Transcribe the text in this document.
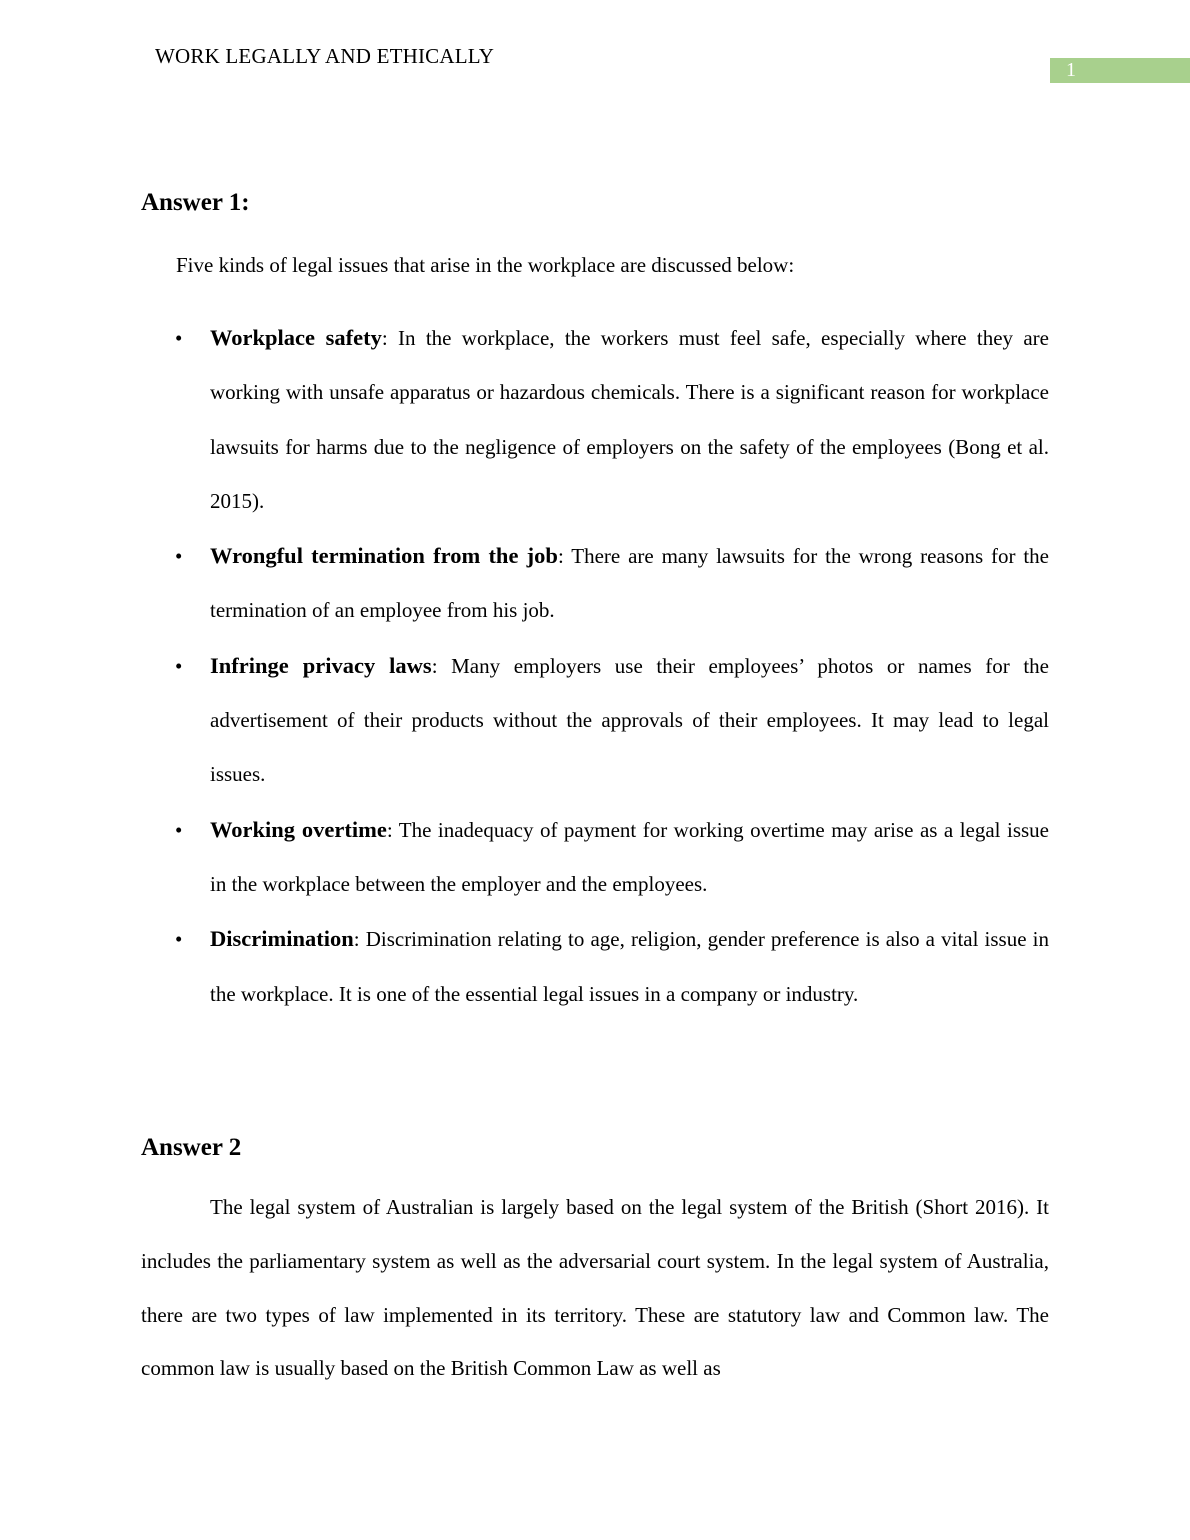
WORK LEGALLY AND ETHICALLY
1
Answer 1:
Five kinds of legal issues that arise in the workplace are discussed below:
• Workplace safety: In the workplace, the workers must feel safe, especially where they are working with unsafe apparatus or hazardous chemicals. There is a significant reason for workplace lawsuits for harms due to the negligence of employers on the safety of the employees (Bong et al. 2015).
• Wrongful termination from the job: There are many lawsuits for the wrong reasons for the termination of an employee from his job.
• Infringe privacy laws: Many employers use their employees’ photos or names for the advertisement of their products without the approvals of their employees. It may lead to legal issues.
• Working overtime: The inadequacy of payment for working overtime may arise as a legal issue in the workplace between the employer and the employees.
• Discrimination: Discrimination relating to age, religion, gender preference is also a vital issue in the workplace. It is one of the essential legal issues in a company or industry.
Answer 2

The legal system of Australian is largely based on the legal system of the British (Short 2016). It includes the parliamentary system as well as the adversarial court system. In the legal system of Australia, there are two types of law implemented in its territory. These are statutory law and Common law. The common law is usually based on the British Common Law as well as
